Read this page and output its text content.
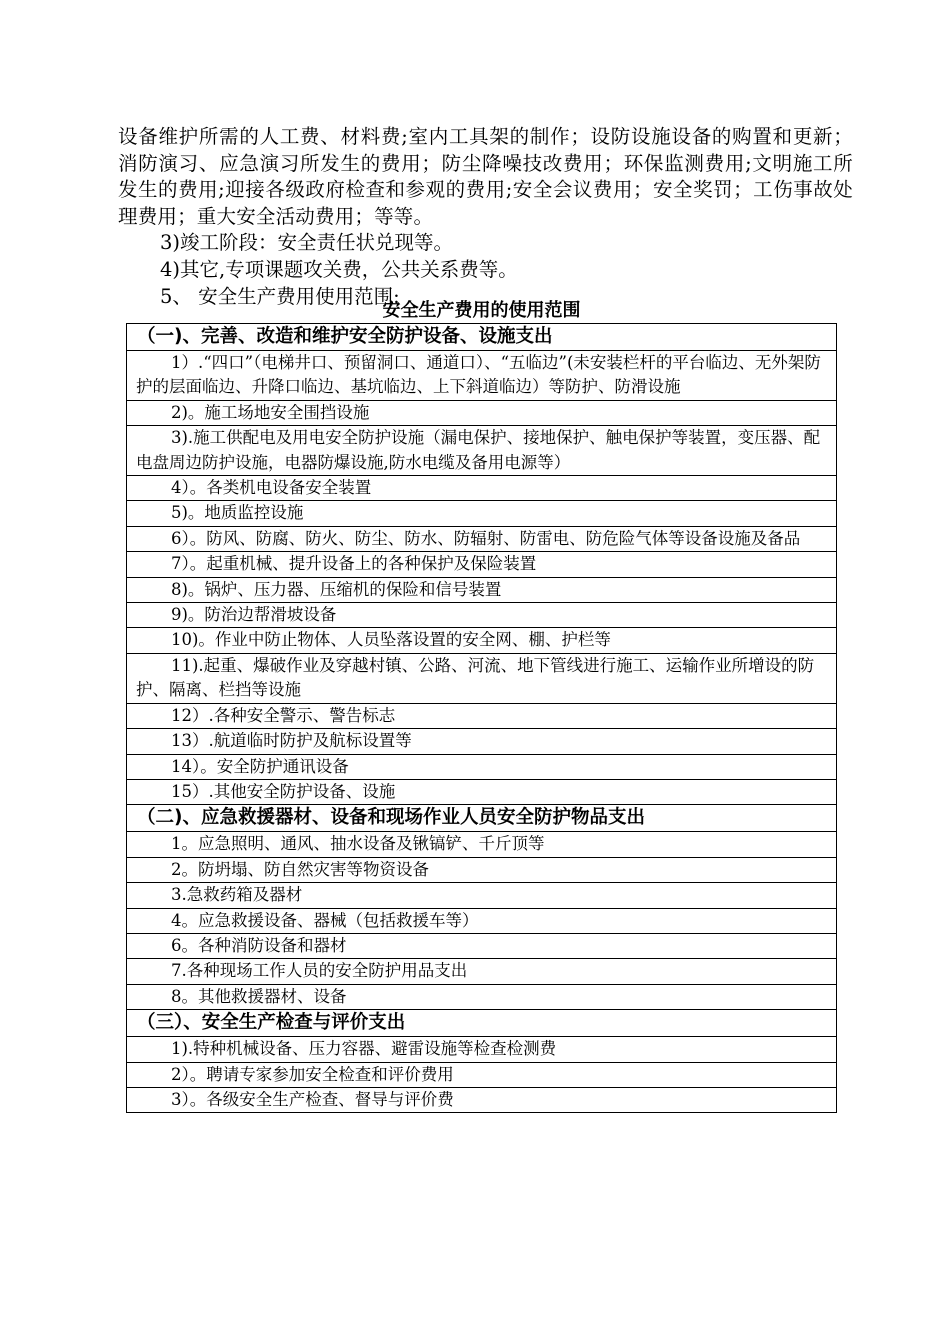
设备维护所需的人工费、材料费;室内工具架的制作；设防设施设备的购置和更新；消防演习、应急演习所发生的费用；防尘降噪技改费用；环保监测费用;文明施工所发生的费用;迎接各级政府检查和参观的费用;安全会议费用；安全奖罚；工伤事故处理费用；重大安全活动费用；等等。

3)竣工阶段：安全责任状兑现等。

4)其它,专项课题攻关费，公共关系费等。

5、 安全生产费用使用范围:

安全生产费用的使用范围
（一)、完善、改造和维护安全防护设备、设施支出

1）.“四口”（电梯井口、预留洞口、通道口）、“五临边”(未安装栏杆的平台临边、无外架防护的层面临边、升降口临边、基坑临边、上下斜道临边）等防护、防滑设施

2)。施工场地安全围挡设施

3).施工供配电及用电安全防护设施（漏电保护、接地保护、触电保护等装置，变压器、配电盘周边防护设施，电器防爆设施,防水电缆及备用电源等）

4）。各类机电设备安全装置

5)。地质监控设施

6）。防风、防腐、防火、防尘、防水、防辐射、防雷电、防危险气体等设备设施及备品

7）。起重机械、提升设备上的各种保护及保险装置

8)。锅炉、压力器、压缩机的保险和信号装置

9)。防治边帮滑坡设备

10)。作业中防止物体、人员坠落设置的安全网、棚、护栏等

11).起重、爆破作业及穿越村镇、公路、河流、地下管线进行施工、运输作业所增设的防护、隔离、栏挡等设施

12）.各种安全警示、警告标志

13）.航道临时防护及航标设置等

14）。安全防护通讯设备

15）.其他安全防护设备、设施

（二)、应急救援器材、设备和现场作业人员安全防护物品支出

1。应急照明、通风、抽水设备及锹镐铲、千斤顶等

2。防坍塌、防自然灾害等物资设备

3.急救药箱及器材

4。应急救援设备、器械（包括救援车等）

6。各种消防设备和器材

7.各种现场工作人员的安全防护用品支出

8。其他救援器材、设备

（三）、安全生产检查与评价支出

1).特种机械设备、压力容器、避雷设施等检查检测费

2）。聘请专家参加安全检查和评价费用

3）。各级安全生产检查、督导与评价费
